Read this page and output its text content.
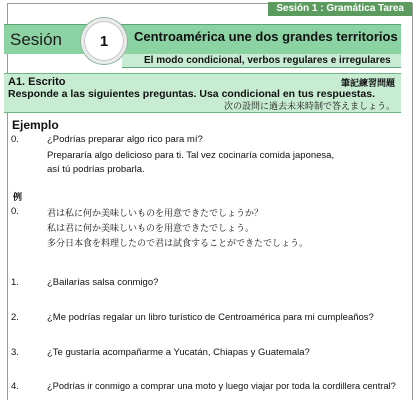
Sesión 1 : Gramática Tarea
Sesión	1	Centroamérica une dos grandes territorios
El modo condicional, verbos regulares e irregulares
A1. Escrito	筆記練習問題
Responde a las siguientes preguntas. Usa condicional en tus respuestas.
次の設問に過去未来時制で答えましょう。
Ejemplo
0.	¿Podrías preparar algo rico para mí?
Prepararía algo delicioso para ti. Tal vez cocinaría comida japonesa,
así tú podrías probarla.
例
0.	君は私に何か美味しいものを用意できたでしょうか？
私は君に何か美味しいものを用意できたでしょう。
多分日本食を料理したので君は試食することができたでしょう。
1.	¿Bailarías salsa conmigo?
2.	¿Me podrías regalar un libro turístico de Centroamérica para mi cumpleaños?
3.	¿Te gustaría acompañarme a Yucatán, Chiapas y Guatemala?
4.	¿Podrías ir conmigo a comprar una moto y luego viajar por toda la cordillera central?
